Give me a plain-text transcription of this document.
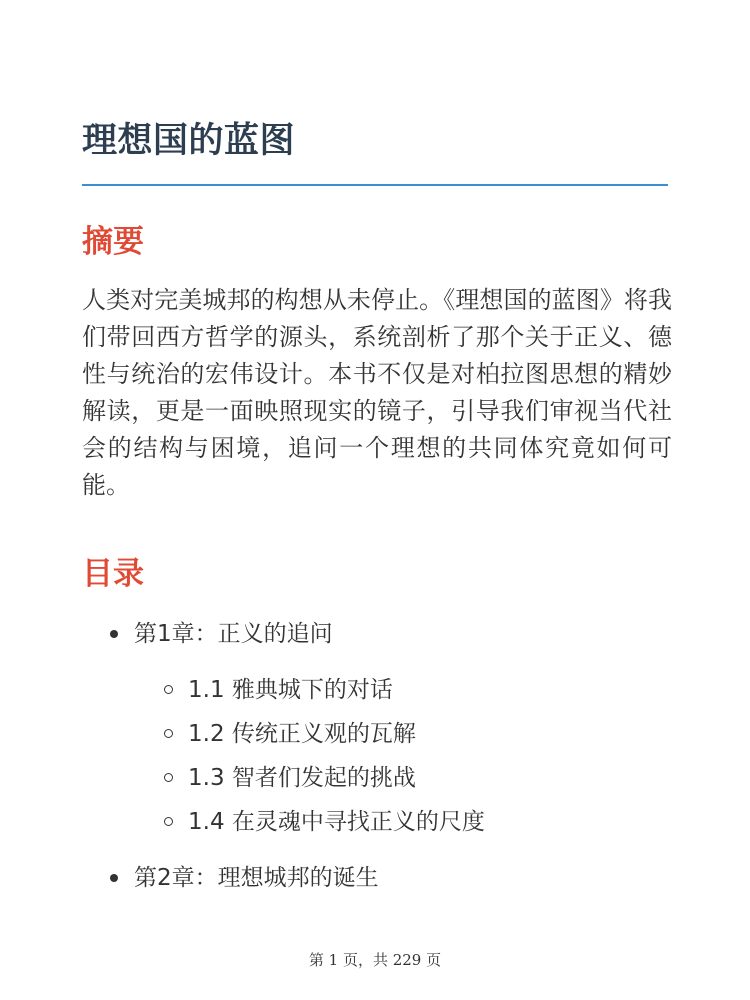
理想国的蓝图
摘要

人类对完美城邦的构想从未停止。《理想国的蓝图》将我们带回西方哲学的源头，系统剖析了那个关于正义、德性与统治的宏伟设计。本书不仅是对柏拉图思想的精妙解读，更是一面映照现实的镜子，引导我们审视当代社会的结构与困境，追问一个理想的共同体究竟如何可能。

目录
第1章：正义的追问
1.1 雅典城下的对话
1.2 传统正义观的瓦解
1.3 智者们发起的挑战
1.4 在灵魂中寻找正义的尺度
第2章：理想城邦的诞生
第 1 页，共 229 页
